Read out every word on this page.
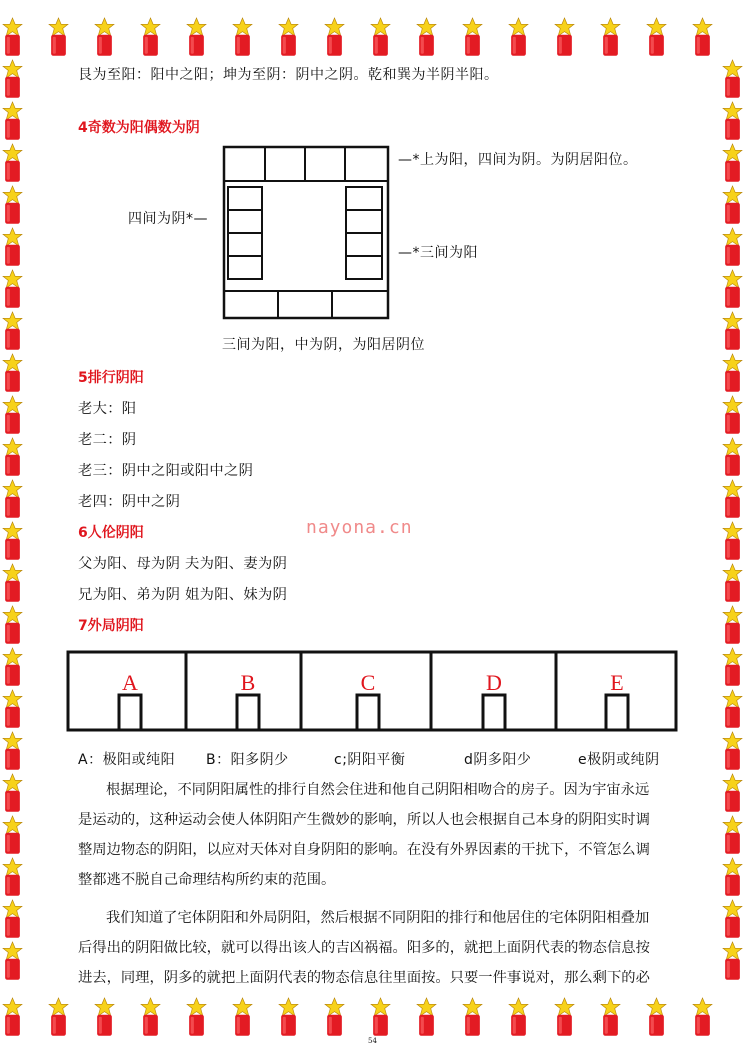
艮为至阳：阳中之阳；坤为至阴：阴中之阴。乾和巽为半阴半阳。
4奇数为阳偶数为阴
—*上为阳，四间为阴。为阴居阳位。
四间为阴*—
—*三间为阳
三间为阳，中为阴，为阳居阴位
5排行阴阳
老大：阳
老二：阴
老三：阴中之阳或阳中之阴
老四：阴中之阴
6人伦阴阳	nayona.cn
父为阳、母为阴 夫为阳、妻为阴
兄为阳、弟为阴 姐为阳、妹为阴
7外局阴阳
A	B	C	D	E
A：极阳或纯阳 B：阳多阴少	c;阴阳平衡	d阴多阳少	e极阴或纯阴
根据理论，不同阴阳属性的排行自然会住进和他自己阴阳相吻合的房子。因为宇宙永远
是运动的，这种运动会使人体阴阳产生微妙的影响，所以人也会根据自己本身的阴阳实时调
整周边物态的阴阳，以应对天体对自身阴阳的影响。在没有外界因素的干扰下，不管怎么调
整都逃不脱自己命理结构所约束的范围。
我们知道了宅体阴阳和外局阴阳，然后根据不同阴阳的排行和他居住的宅体阴阳相叠加
后得出的阴阳做比较，就可以得出该人的吉凶祸福。阳多的，就把上面阴代表的物态信息按
进去，同理，阴多的就把上面阴代表的物态信息往里面按。只要一件事说对，那么剩下的必
54
